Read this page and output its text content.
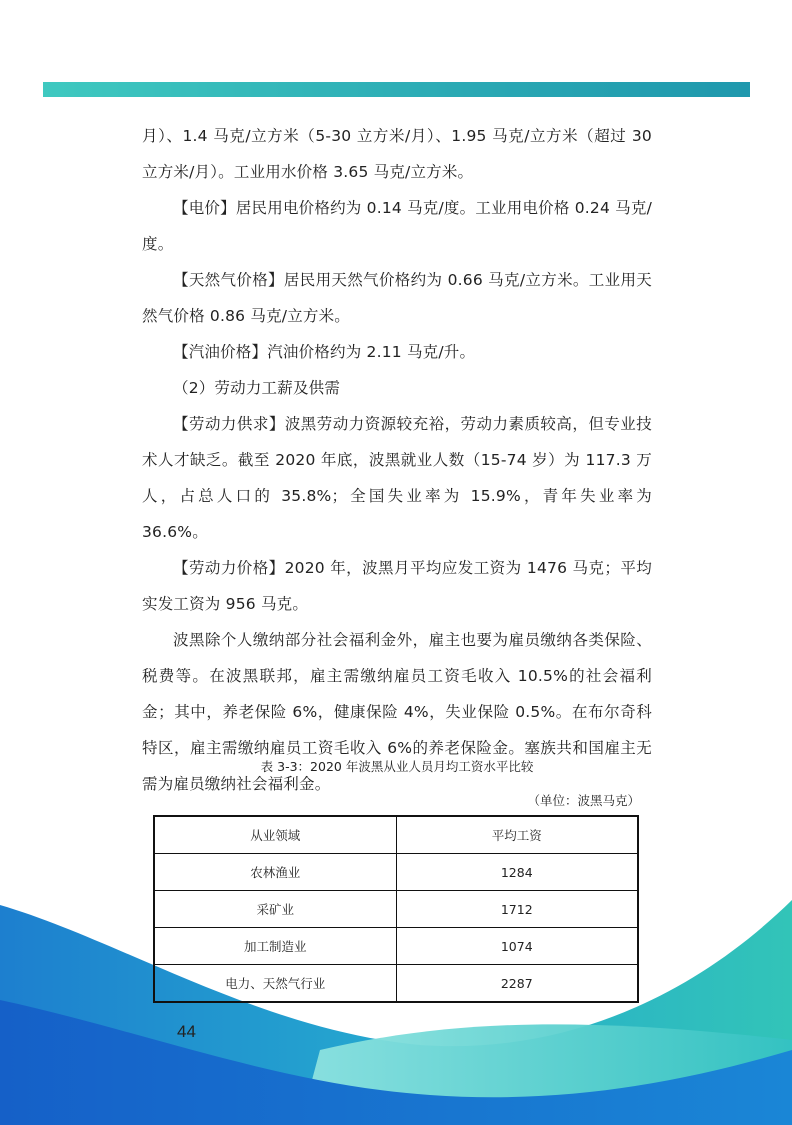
月）、1.4 马克/立方米（5-30 立方米/月）、1.95 马克/立方米（超过 30 立方米/月）。工业用水价格 3.65 马克/立方米。

【电价】居民用电价格约为 0.14 马克/度。工业用电价格 0.24 马克/度。

【天然气价格】居民用天然气价格约为 0.66 马克/立方米。工业用天然气价格 0.86 马克/立方米。

【汽油价格】汽油价格约为 2.11 马克/升。

（2）劳动力工薪及供需

【劳动力供求】波黑劳动力资源较充裕，劳动力素质较高，但专业技术人才缺乏。截至 2020 年底，波黑就业人数（15-74 岁）为 117.3 万人，占总人口的 35.8%；全国失业率为 15.9%，青年失业率为 36.6%。

【劳动力价格】2020 年，波黑月平均应发工资为 1476 马克；平均实发工资为 956 马克。

波黑除个人缴纳部分社会福利金外，雇主也要为雇员缴纳各类保险、税费等。在波黑联邦，雇主需缴纳雇员工资毛收入 10.5%的社会福利金；其中，养老保险 6%，健康保险 4%，失业保险 0.5%。在布尔奇科特区，雇主需缴纳雇员工资毛收入 6%的养老保险金。塞族共和国雇主无需为雇员缴纳社会福利金。

表 3-3：2020 年波黑从业人员月均工资水平比较
（单位：波黑马克）
从业领域	平均工资
农林渔业	1284
采矿业	1712
加工制造业	1074
电力、天然气行业	2287
44
